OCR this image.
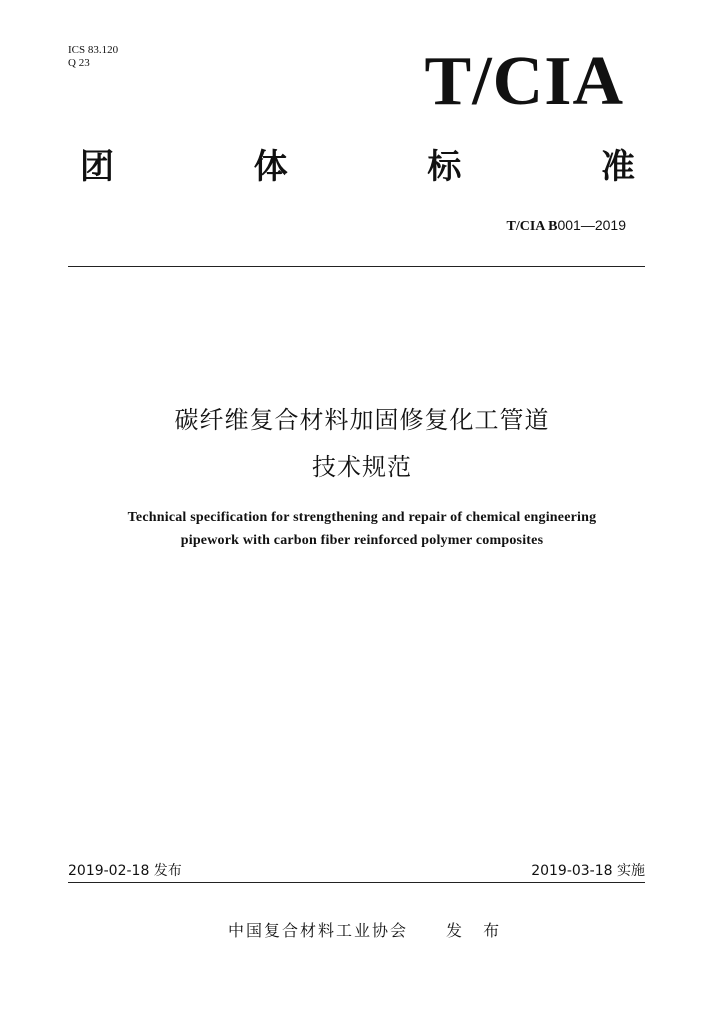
ICS 83.120
Q 23	T/CIA
团	体	标	准
T/CIA B001—2019
碳纤维复合材料加固修复化工管道
技术规范
Technical specification for strengthening and repair of chemical engineering
pipework with carbon fiber reinforced polymer composites
2019-02-18 发布	2019-03-18 实施
中国复合材料工业协会 发 布
